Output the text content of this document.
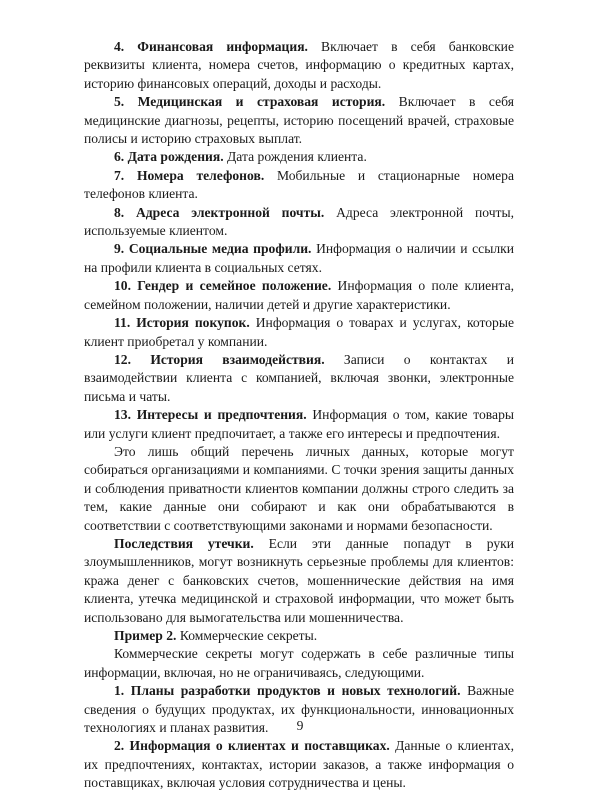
4. Финансовая информация. Включает в себя банковские реквизиты клиента, номера счетов, информацию о кредитных картах, историю финансовых операций, доходы и расходы.

5. Медицинская и страховая история. Включает в себя медицинские диагнозы, рецепты, историю посещений врачей, страховые полисы и историю страховых выплат.

6. Дата рождения. Дата рождения клиента.

7. Номера телефонов. Мобильные и стационарные номера телефонов клиента.

8. Адреса электронной почты. Адреса электронной почты, используемые клиентом.

9. Социальные медиа профили. Информация о наличии и ссылки на профили клиента в социальных сетях.

10. Гендер и семейное положение. Информация о поле клиента, семейном положении, наличии детей и другие характеристики.

11. История покупок. Информация о товарах и услугах, которые клиент приобретал у компании.

12. История взаимодействия. Записи о контактах и взаимодействии клиента с компанией, включая звонки, электронные письма и чаты.

13. Интересы и предпочтения. Информация о том, какие товары или услуги клиент предпочитает, а также его интересы и предпочтения.

Это лишь общий перечень личных данных, которые могут собираться организациями и компаниями. С точки зрения защиты данных и соблюдения приватности клиентов компании должны строго следить за тем, какие данные они собирают и как они обрабатываются в соответствии с соответствующими законами и нормами безопасности.

Последствия утечки. Если эти данные попадут в руки злоумышленников, могут возникнуть серьезные проблемы для клиентов: кража денег с банковских счетов, мошеннические действия на имя клиента, утечка медицинской и страховой информации, что может быть использовано для вымогательства или мошенничества.

Пример 2. Коммерческие секреты.

Коммерческие секреты могут содержать в себе различные типы информации, включая, но не ограничиваясь, следующими.

1. Планы разработки продуктов и новых технологий. Важные сведения о будущих продуктах, их функциональности, инновационных технологиях и планах развития.

2. Информация о клиентах и поставщиках. Данные о клиентах, их предпочтениях, контактах, истории заказов, а также информация о поставщиках, включая условия сотрудничества и цены.

9
